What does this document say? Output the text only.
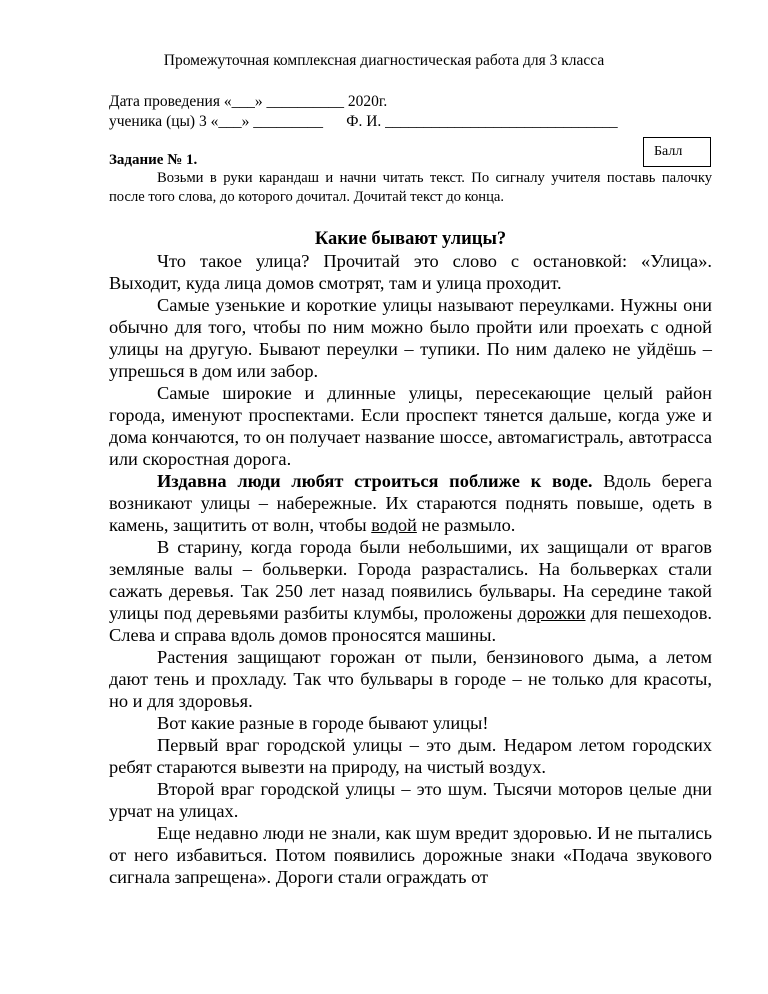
Промежуточная комплексная диагностическая работа для 3 класса
Дата проведения «___» __________ 2020г.
ученика (цы) 3 «___» _________      Ф. И. ______________________________
Балл
Задание № 1.
Возьми в руки карандаш и начни читать текст. По сигналу учителя поставь палочку после того слова, до которого дочитал. Дочитай текст до конца.
Какие бывают улицы?

Что такое улица? Прочитай это слово с остановкой: «Улица». Выходит, куда лица домов смотрят, там и улица проходит.

Самые узенькие и короткие улицы называют переулками. Нужны они обычно для того, чтобы по ним можно было пройти или проехать с одной улицы на другую. Бывают переулки – тупики. По ним далеко не уйдёшь – упрешься в дом или забор.

Самые широкие и длинные улицы, пересекающие целый район города, именуют проспектами. Если проспект тянется дальше, когда уже и дома кончаются, то он получает название шоссе, автомагистраль, автотрасса или скоростная дорога.

Издавна люди любят строиться поближе к воде. Вдоль берега возникают улицы – набережные. Их стараются поднять повыше, одеть в камень, защитить от волн, чтобы водой не размыло.

В старину, когда города были небольшими, их защищали от врагов земляные валы – больверки. Города разрастались. На больверках стали сажать деревья. Так 250 лет назад появились бульвары. На середине такой улицы под деревьями разбиты клумбы, проложены дорожки для пешеходов. Слева и справа вдоль домов проносятся машины.

Растения защищают горожан от пыли, бензинового дыма, а летом дают тень и прохладу. Так что бульвары в городе – не только для красоты, но и для здоровья.

Вот какие разные в городе бывают улицы!

Первый враг городской улицы – это дым. Недаром летом городских ребят стараются вывезти на природу, на чистый воздух.

Второй враг городской улицы – это шум. Тысячи моторов целые дни урчат на улицах.

Еще недавно люди не знали, как шум вредит здоровью. И не пытались от него избавиться. Потом появились дорожные знаки «Подача звукового сигнала запрещена». Дороги стали ограждать от
